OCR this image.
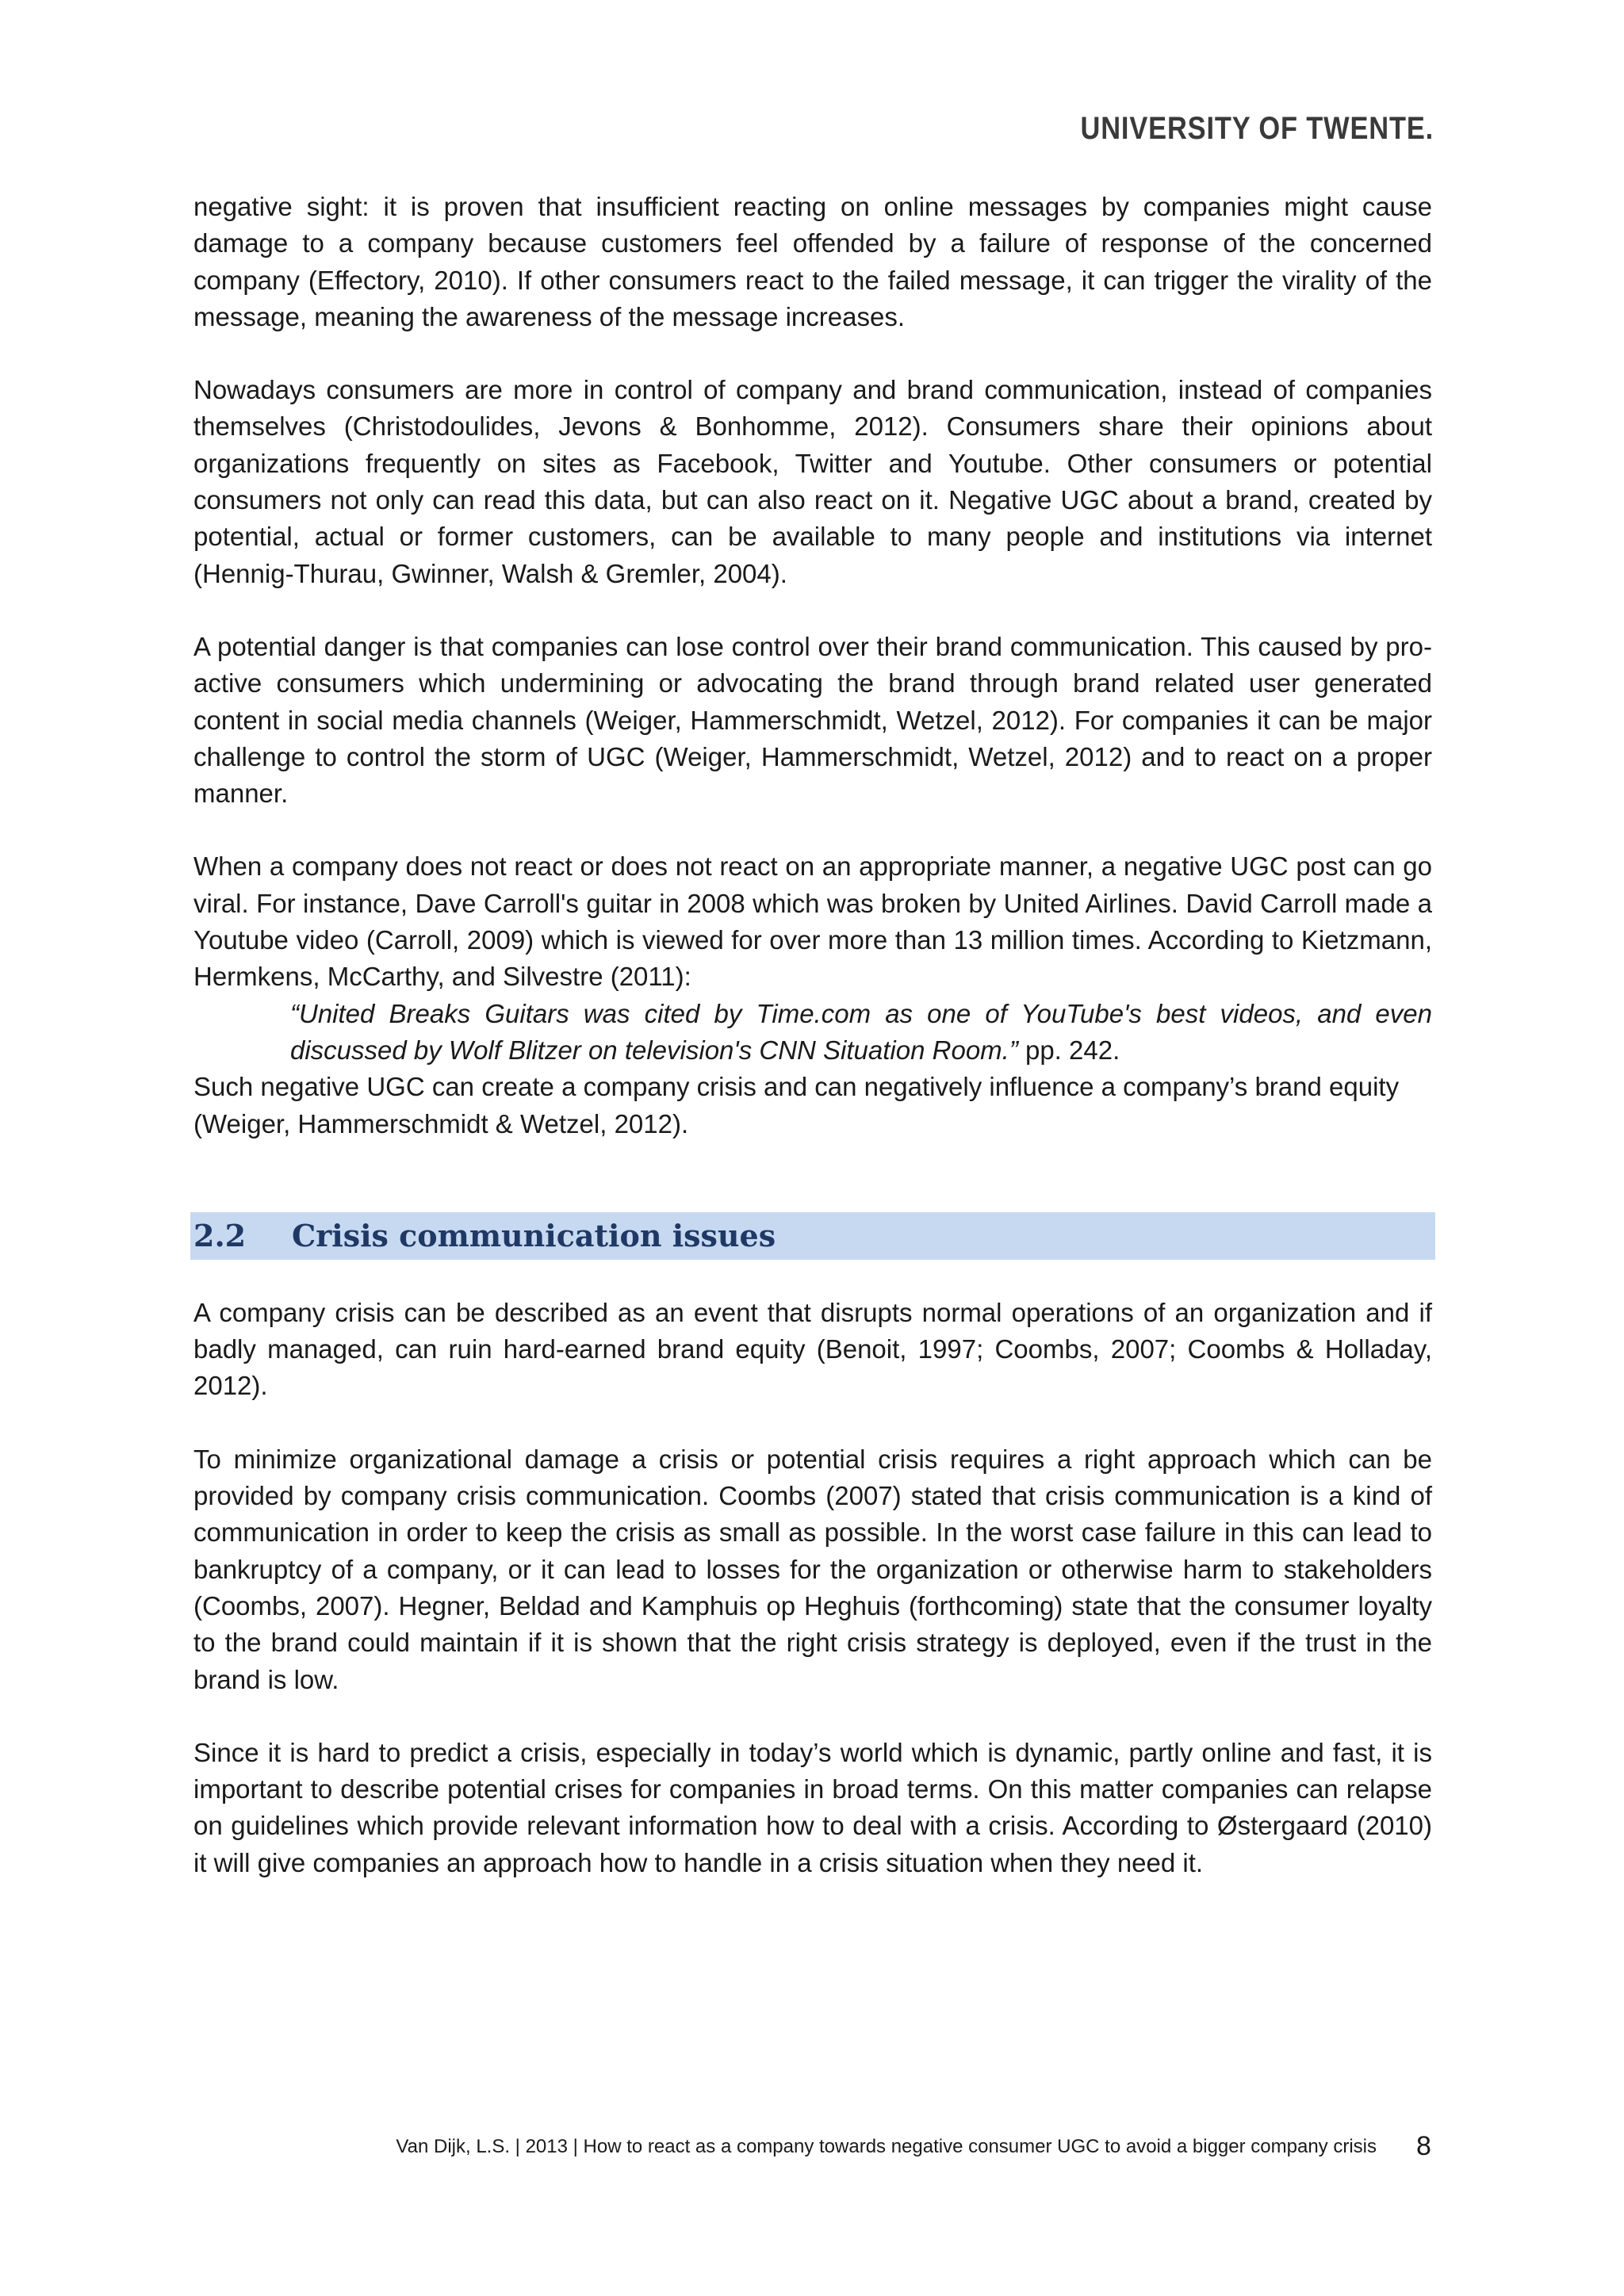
UNIVERSITY OF TWENTE.

negative sight: it is proven that insufficient reacting on online messages by companies might cause damage to a company because customers feel offended by a failure of response of the concerned company (Effectory, 2010). If other consumers react to the failed message, it can trigger the virality of the message, meaning the awareness of the message increases.

Nowadays consumers are more in control of company and brand communication, instead of companies themselves (Christodoulides, Jevons & Bonhomme, 2012). Consumers share their opinions about organizations frequently on sites as Facebook, Twitter and Youtube. Other consumers or potential consumers not only can read this data, but can also react on it. Negative UGC about a brand, created by potential, actual or former customers, can be available to many people and institutions via internet (Hennig-Thurau, Gwinner, Walsh & Gremler, 2004).

A potential danger is that companies can lose control over their brand communication. This caused by pro-active consumers which undermining or advocating the brand through brand related user generated content in social media channels (Weiger, Hammerschmidt, Wetzel, 2012). For companies it can be major challenge to control the storm of UGC (Weiger, Hammerschmidt, Wetzel, 2012) and to react on a proper manner.

When a company does not react or does not react on an appropriate manner, a negative UGC post can go viral. For instance, Dave Carroll's guitar in 2008 which was broken by United Airlines. David Carroll made a Youtube video (Carroll, 2009) which is viewed for over more than 13 million times. According to Kietzmann, Hermkens, McCarthy, and Silvestre (2011):

“United Breaks Guitars was cited by Time.com as one of YouTube's best videos, and even discussed by Wolf Blitzer on television's CNN Situation Room.” pp. 242.

Such negative UGC can create a company crisis and can negatively influence a company’s brand equity (Weiger, Hammerschmidt & Wetzel, 2012).

2.2	Crisis communication issues

A company crisis can be described as an event that disrupts normal operations of an organization and if badly managed, can ruin hard-earned brand equity (Benoit, 1997; Coombs, 2007; Coombs & Holladay, 2012).

To minimize organizational damage a crisis or potential crisis requires a right approach which can be provided by company crisis communication. Coombs (2007) stated that crisis communication is a kind of communication in order to keep the crisis as small as possible. In the worst case failure in this can lead to bankruptcy of a company, or it can lead to losses for the organization or otherwise harm to stakeholders (Coombs, 2007). Hegner, Beldad and Kamphuis op Heghuis (forthcoming) state that the consumer loyalty to the brand could maintain if it is shown that the right crisis strategy is deployed, even if the trust in the brand is low.

Since it is hard to predict a crisis, especially in today’s world which is dynamic, partly online and fast, it is important to describe potential crises for companies in broad terms. On this matter companies can relapse on guidelines which provide relevant information how to deal with a crisis. According to Østergaard (2010) it will give companies an approach how to handle in a crisis situation when they need it.

Van Dijk, L.S. | 2013 | How to react as a company towards negative consumer UGC to avoid a bigger company crisis 8
